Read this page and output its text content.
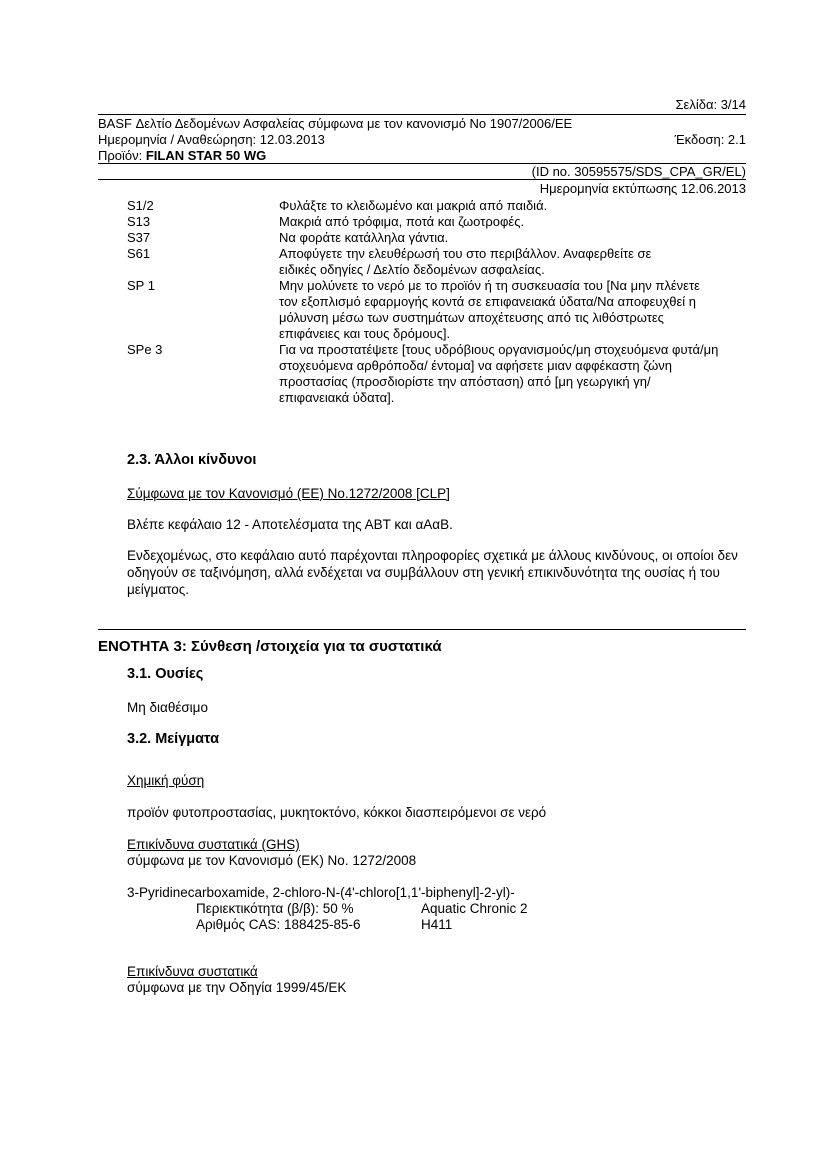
Σελίδα: 3/14
BASF Δελτίο Δεδομένων Ασφαλείας σύμφωνα με τον κανονισμό No 1907/2006/ΕΕ
Ημερομηνία / Αναθεώρηση: 12.03.2013	Έκδοση: 2.1
Προϊόν: FILAN STAR 50 WG
(ID no. 30595575/SDS_CPA_GR/EL)
Ημερομηνία εκτύπωσης 12.06.2013
S1/2	Φυλάξτε το κλειδωμένο και μακριά από παιδιά.
S13	Μακριά από τρόφιμα, ποτά και ζωοτροφές.
S37	Να φοράτε κατάλληλα γάντια.
S61	Αποφύγετε την ελευθέρωσή του στο περιβάλλον. Αναφερθείτε σε ειδικές οδηγίες / Δελτίο δεδομένων ασφαλείας.
SP 1	Μην μολύνετε το νερό με το προϊόν ή τη συσκευασία του [Να μην πλένετε τον εξοπλισμό εφαρμογής κοντά σε επιφανειακά ύδατα/Να αποφευχθεί η μόλυνση μέσω των συστημάτων αποχέτευσης από τις λιθόστρωτες επιφάνειες και τους δρόμους].
SPe 3	Για να προστατέψετε [τους υδρόβιους οργανισμούς/μη στοχευόμενα φυτά/μη στοχευόμενα αρθρόποδα/ έντομα] να αφήσετε μιαν αφφέκαστη ζώνη προστασίας (προσδιορίστε την απόσταση) από [μη γεωργική γη/ επιφανειακά ύδατα].
2.3. Άλλοι κίνδυνοι
Σύμφωνα με τον Κανονισμό (ΕΕ) No.1272/2008 [CLP]
Βλέπε κεφάλαιο 12 - Αποτελέσματα της ΑΒΤ και αΑαΒ.
Ενδεχομένως, στο κεφάλαιο αυτό παρέχονται πληροφορίες σχετικά με άλλους κινδύνους, οι οποίοι δεν οδηγούν σε ταξινόμηση, αλλά ενδέχεται να συμβάλλουν στη γενική επικινδυνότητα της ουσίας ή του μείγματος.
ΕΝΟΤΗΤΑ 3: Σύνθεση /στοιχεία για τα συστατικά
3.1. Ουσίες
Μη διαθέσιμο
3.2. Μείγματα
Χημική φύση
προϊόν φυτοπροστασίας, μυκητοκτόνο, κόκκοι διασπειρόμενοι σε νερό
Επικίνδυνα συστατικά (GHS)
σύμφωνα με τον Κανονισμό (ΕΚ) No. 1272/2008
3-Pyridinecarboxamide, 2-chloro-N-(4'-chloro[1,1'-biphenyl]-2-yl)-
Περιεκτικότητα (β/β): 50 %	Aquatic Chronic 2
Αριθμός CAS: 188425-85-6	H411
Επικίνδυνα συστατικά
σύμφωνα με την Οδηγία 1999/45/ΕΚ
